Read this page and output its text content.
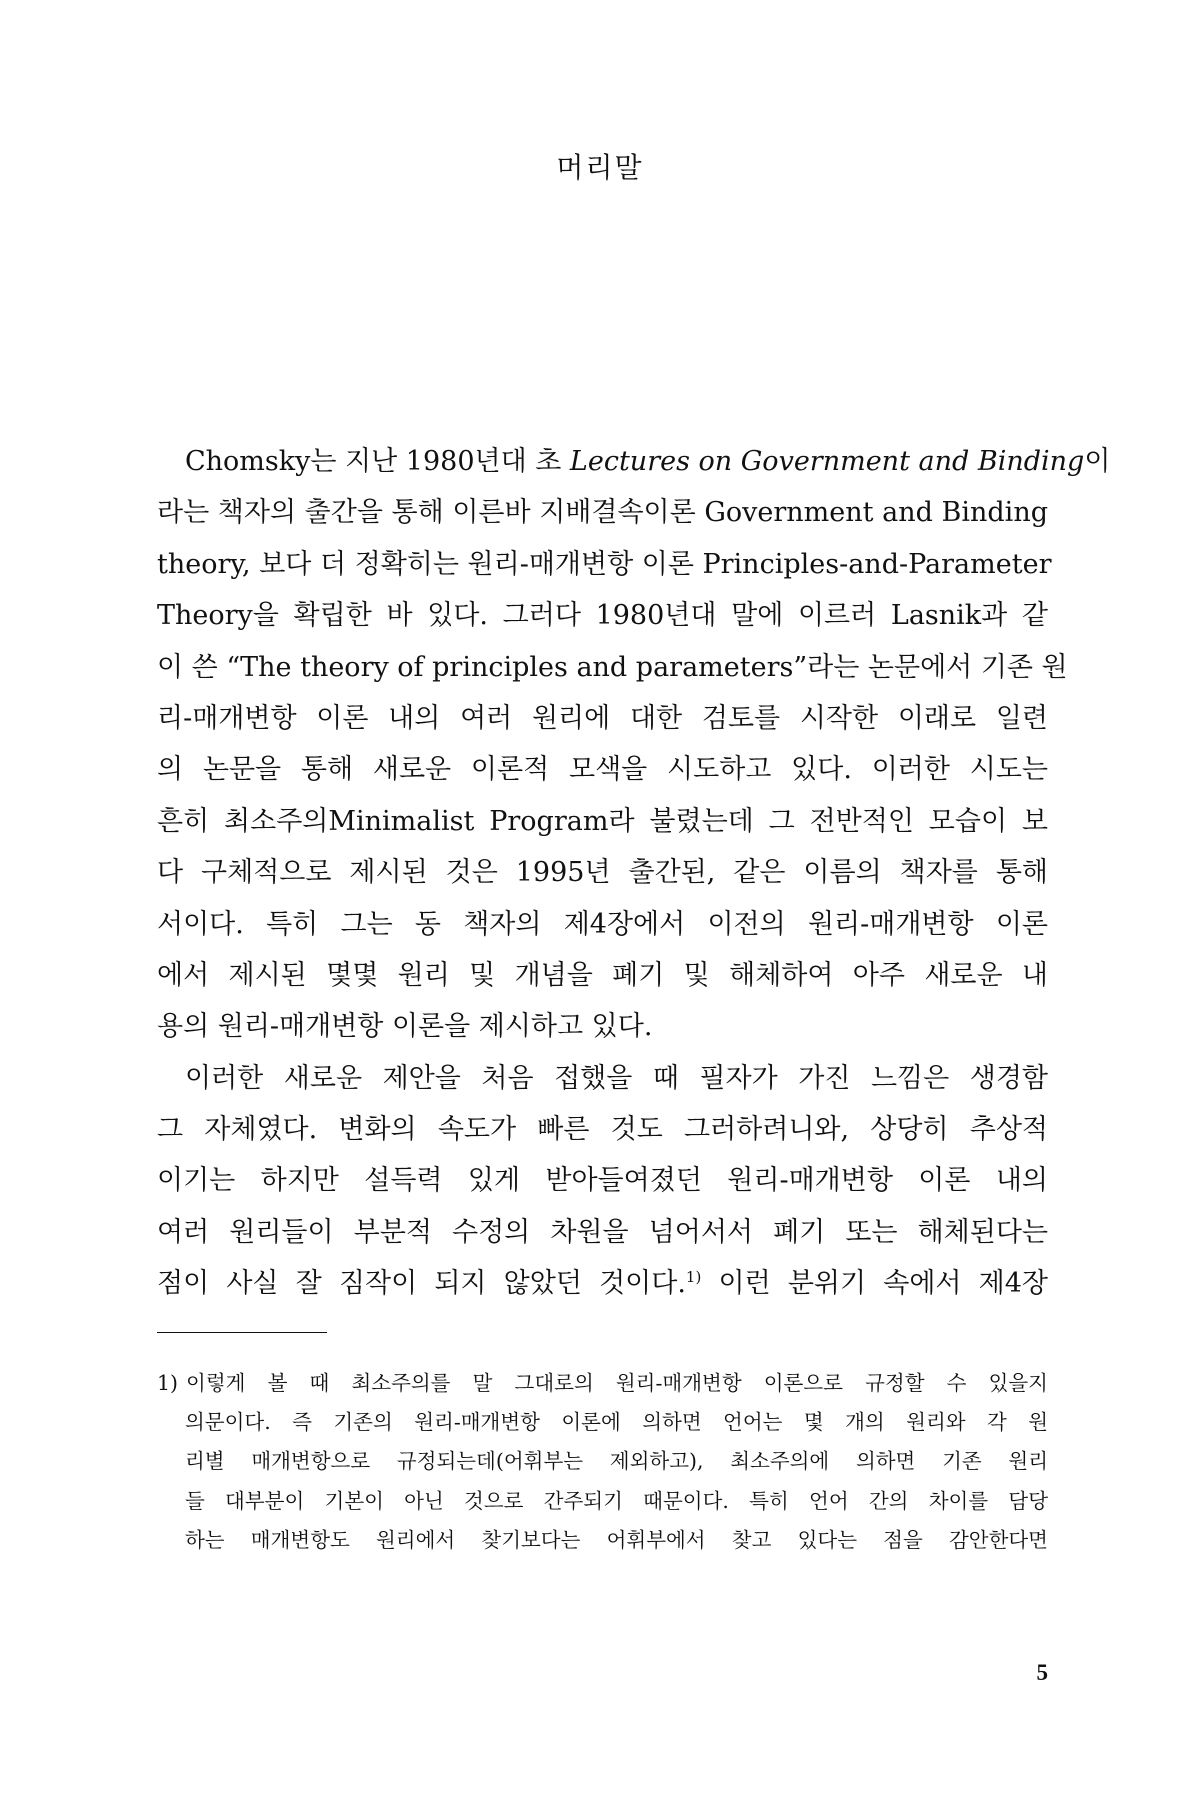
머리말
Chomsky는 지난 1980년대 초 Lectures on Government and Binding이
라는 책자의 출간을 통해 이른바 지배결속이론 Government and Binding
theory, 보다 더 정확히는 원리-매개변항 이론 Principles-and-Parameter
Theory을 확립한 바 있다. 그러다 1980년대 말에 이르러 Lasnik과 같
이 쓴 “The theory of principles and parameters”라는 논문에서 기존 원
리-매개변항 이론 내의 여러 원리에 대한 검토를 시작한 이래로 일련
의 논문을 통해 새로운 이론적 모색을 시도하고 있다. 이러한 시도는
흔히 최소주의Minimalist Program라 불렸는데 그 전반적인 모습이 보
다 구체적으로 제시된 것은 1995년 출간된, 같은 이름의 책자를 통해
서이다. 특히 그는 동 책자의 제4장에서 이전의 원리-매개변항 이론
에서 제시된 몇몇 원리 및 개념을 폐기 및 해체하여 아주 새로운 내
용의 원리-매개변항 이론을 제시하고 있다.
이러한 새로운 제안을 처음 접했을 때 필자가 가진 느낌은 생경함
그 자체였다. 변화의 속도가 빠른 것도 그러하려니와, 상당히 추상적
이기는 하지만 설득력 있게 받아들여졌던 원리-매개변항 이론 내의
여러 원리들이 부분적 수정의 차원을 넘어서서 폐기 또는 해체된다는
점이 사실 잘 짐작이 되지 않았던 것이다.$^{1)}$ 이런 분위기 속에서 제4장
1) 이렇게 볼 때 최소주의를 말 그대로의 원리-매개변항 이론으로 규정할 수 있을지
의문이다. 즉 기존의 원리-매개변항 이론에 의하면 언어는 몇 개의 원리와 각 원
리별 매개변항으로 규정되는데(어휘부는 제외하고), 최소주의에 의하면 기존 원리
들 대부분이 기본이 아닌 것으로 간주되기 때문이다. 특히 언어 간의 차이를 담당
하는 매개변항도 원리에서 찾기보다는 어휘부에서 찾고 있다는 점을 감안한다면
5
